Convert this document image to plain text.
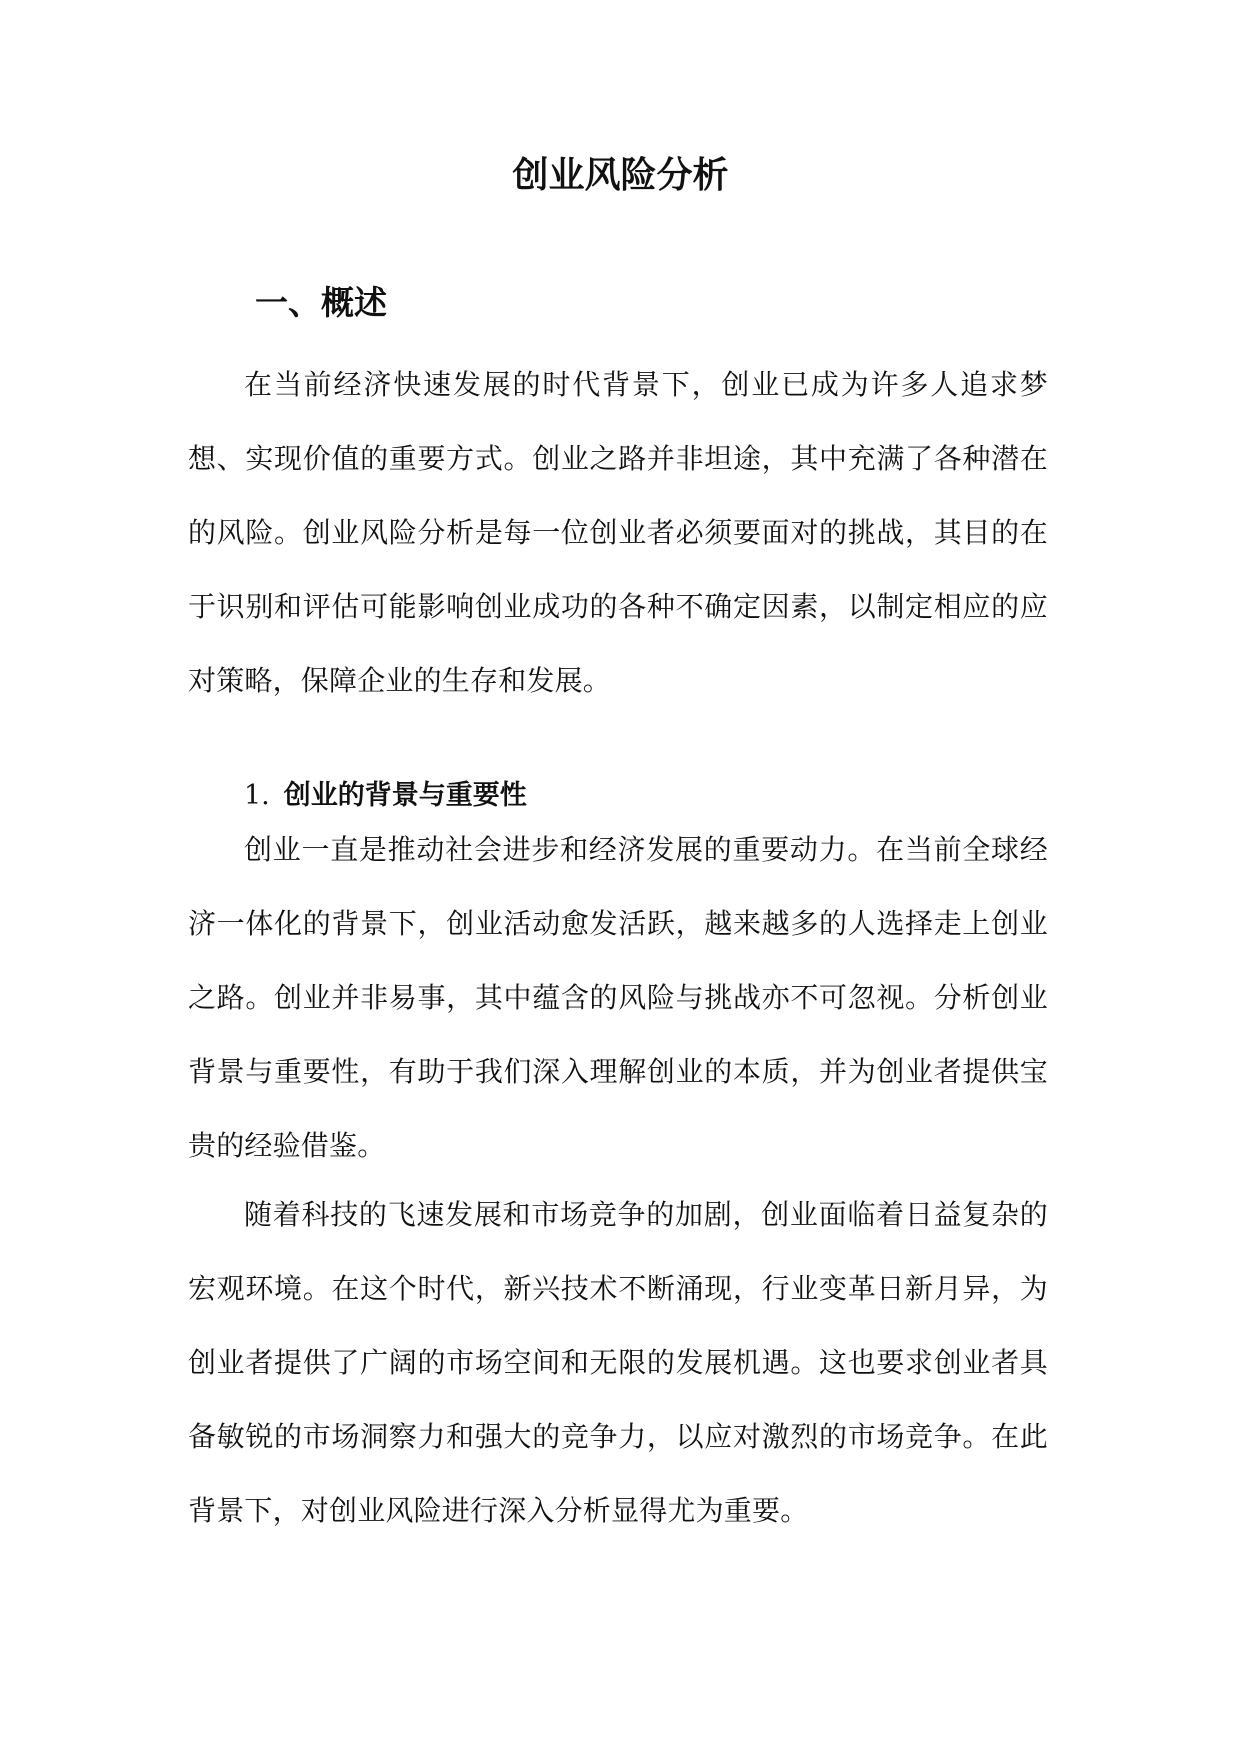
创业风险分析
一、概述

在当前经济快速发展的时代背景下，创业已成为许多人追求梦想、实现价值的重要方式。创业之路并非坦途，其中充满了各种潜在的风险。创业风险分析是每一位创业者必须要面对的挑战，其目的在于识别和评估可能影响创业成功的各种不确定因素，以制定相应的应对策略，保障企业的生存和发展。

1. 创业的背景与重要性

创业一直是推动社会进步和经济发展的重要动力。在当前全球经济一体化的背景下，创业活动愈发活跃，越来越多的人选择走上创业之路。创业并非易事，其中蕴含的风险与挑战亦不可忽视。分析创业背景与重要性，有助于我们深入理解创业的本质，并为创业者提供宝贵的经验借鉴。

随着科技的飞速发展和市场竞争的加剧，创业面临着日益复杂的宏观环境。在这个时代，新兴技术不断涌现，行业变革日新月异，为创业者提供了广阔的市场空间和无限的发展机遇。这也要求创业者具备敏锐的市场洞察力和强大的竞争力，以应对激烈的市场竞争。在此背景下，对创业风险进行深入分析显得尤为重要。
